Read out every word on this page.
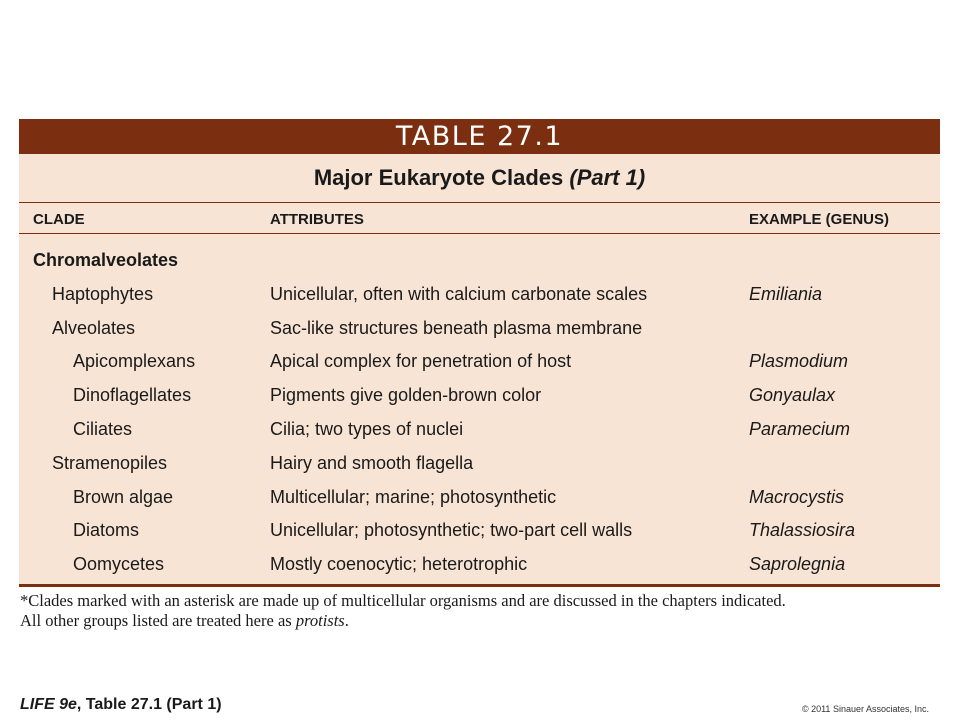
TABLE 27.1
Major Eukaryote Clades (Part 1)
CLADE	ATTRIBUTES	EXAMPLE (GENUS)
Chromalveolates
Haptophytes	Unicellular, often with calcium carbonate scales	Emiliania
Alveolates	Sac-like structures beneath plasma membrane
Apicomplexans	Apical complex for penetration of host	Plasmodium
Dinoflagellates	Pigments give golden-brown color	Gonyaulax
Ciliates	Cilia; two types of nuclei	Paramecium
Stramenopiles	Hairy and smooth flagella
Brown algae	Multicellular; marine; photosynthetic	Macrocystis
Diatoms	Unicellular; photosynthetic; two-part cell walls	Thalassiosira
Oomycetes	Mostly coenocytic; heterotrophic	Saprolegnia
*Clades marked with an asterisk are made up of multicellular organisms and are discussed in the chapters indicated.
All other groups listed are treated here as protists.
LIFE 9e, Table 27.1 (Part 1)	© 2011 Sinauer Associates, Inc.
